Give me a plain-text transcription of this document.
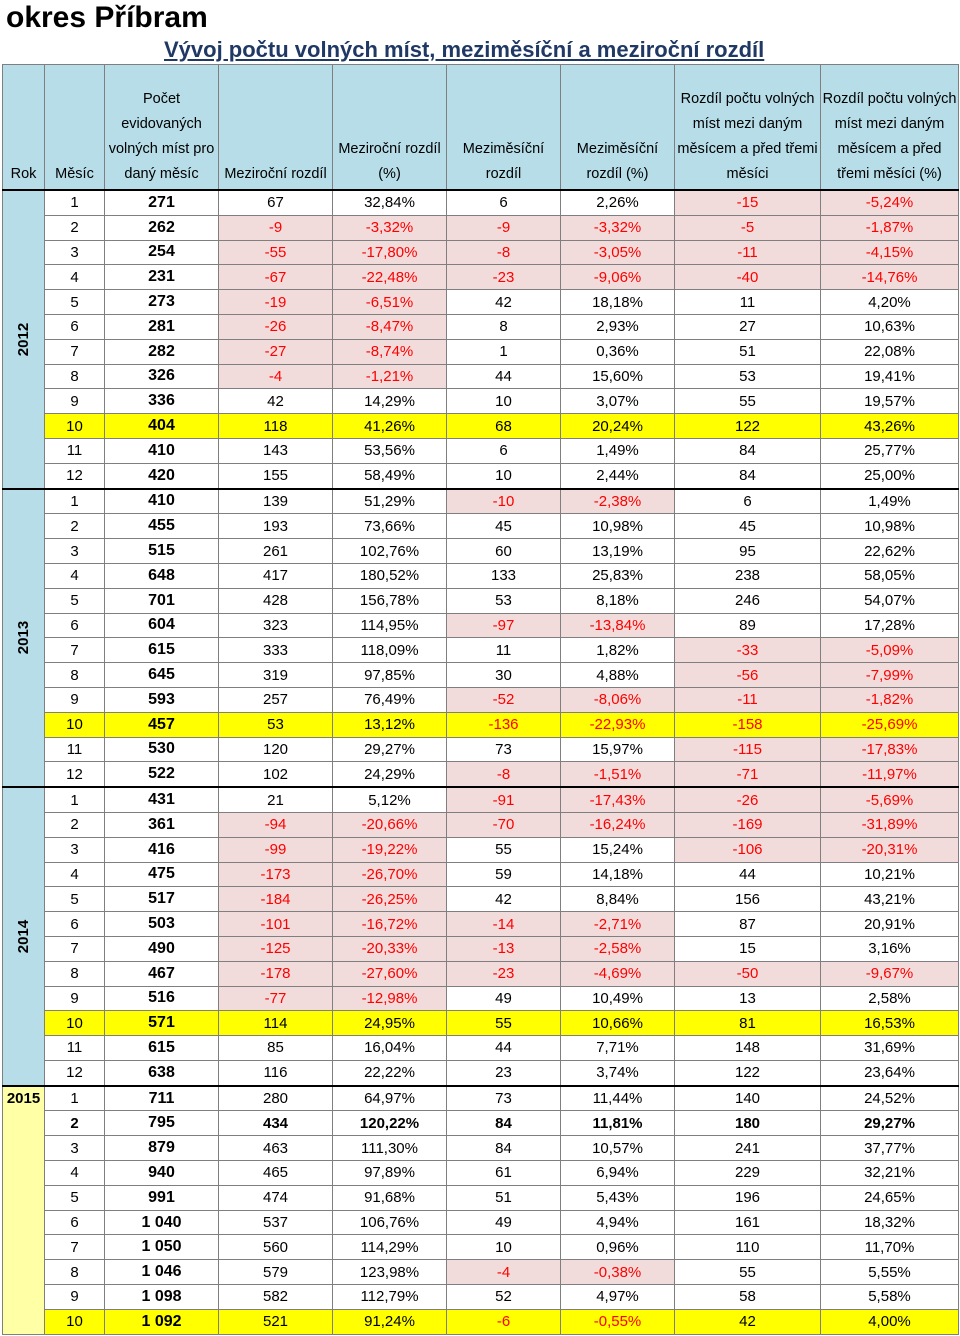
okres Příbram
Vývoj počtu volných míst, meziměsíční a meziroční rozdíl
Rok	Měsíc	Počet evidovaných volných míst pro daný měsíc	Meziroční rozdíl	Meziroční rozdíl (%)	Meziměsíční rozdíl	Meziměsíční rozdíl (%)	Rozdíl počtu volných míst mezi daným měsícem a před třemi měsíci	Rozdíl počtu volných míst mezi daným měsícem a před třemi měsíci (%)
2012	1	271	67	32,84%	6	2,26%	-15	-5,24%
	2	262	-9	-3,32%	-9	-3,32%	-5	-1,87%
	3	254	-55	-17,80%	-8	-3,05%	-11	-4,15%
	4	231	-67	-22,48%	-23	-9,06%	-40	-14,76%
	5	273	-19	-6,51%	42	18,18%	11	4,20%
	6	281	-26	-8,47%	8	2,93%	27	10,63%
	7	282	-27	-8,74%	1	0,36%	51	22,08%
	8	326	-4	-1,21%	44	15,60%	53	19,41%
	9	336	42	14,29%	10	3,07%	55	19,57%
	10	404	118	41,26%	68	20,24%	122	43,26%
	11	410	143	53,56%	6	1,49%	84	25,77%
	12	420	155	58,49%	10	2,44%	84	25,00%
2013	1	410	139	51,29%	-10	-2,38%	6	1,49%
	2	455	193	73,66%	45	10,98%	45	10,98%
	3	515	261	102,76%	60	13,19%	95	22,62%
	4	648	417	180,52%	133	25,83%	238	58,05%
	5	701	428	156,78%	53	8,18%	246	54,07%
	6	604	323	114,95%	-97	-13,84%	89	17,28%
	7	615	333	118,09%	11	1,82%	-33	-5,09%
	8	645	319	97,85%	30	4,88%	-56	-7,99%
	9	593	257	76,49%	-52	-8,06%	-11	-1,82%
	10	457	53	13,12%	-136	-22,93%	-158	-25,69%
	11	530	120	29,27%	73	15,97%	-115	-17,83%
	12	522	102	24,29%	-8	-1,51%	-71	-11,97%
2014	1	431	21	5,12%	-91	-17,43%	-26	-5,69%
	2	361	-94	-20,66%	-70	-16,24%	-169	-31,89%
	3	416	-99	-19,22%	55	15,24%	-106	-20,31%
	4	475	-173	-26,70%	59	14,18%	44	10,21%
	5	517	-184	-26,25%	42	8,84%	156	43,21%
	6	503	-101	-16,72%	-14	-2,71%	87	20,91%
	7	490	-125	-20,33%	-13	-2,58%	15	3,16%
	8	467	-178	-27,60%	-23	-4,69%	-50	-9,67%
	9	516	-77	-12,98%	49	10,49%	13	2,58%
	10	571	114	24,95%	55	10,66%	81	16,53%
	11	615	85	16,04%	44	7,71%	148	31,69%
	12	638	116	22,22%	23	3,74%	122	23,64%
2015	1	711	280	64,97%	73	11,44%	140	24,52%
	2	795	434	120,22%	84	11,81%	180	29,27%
	3	879	463	111,30%	84	10,57%	241	37,77%
	4	940	465	97,89%	61	6,94%	229	32,21%
	5	991	474	91,68%	51	5,43%	196	24,65%
	6	1 040	537	106,76%	49	4,94%	161	18,32%
	7	1 050	560	114,29%	10	0,96%	110	11,70%
	8	1 046	579	123,98%	-4	-0,38%	55	5,55%
	9	1 098	582	112,79%	52	4,97%	58	5,58%
	10	1 092	521	91,24%	-6	-0,55%	42	4,00%
